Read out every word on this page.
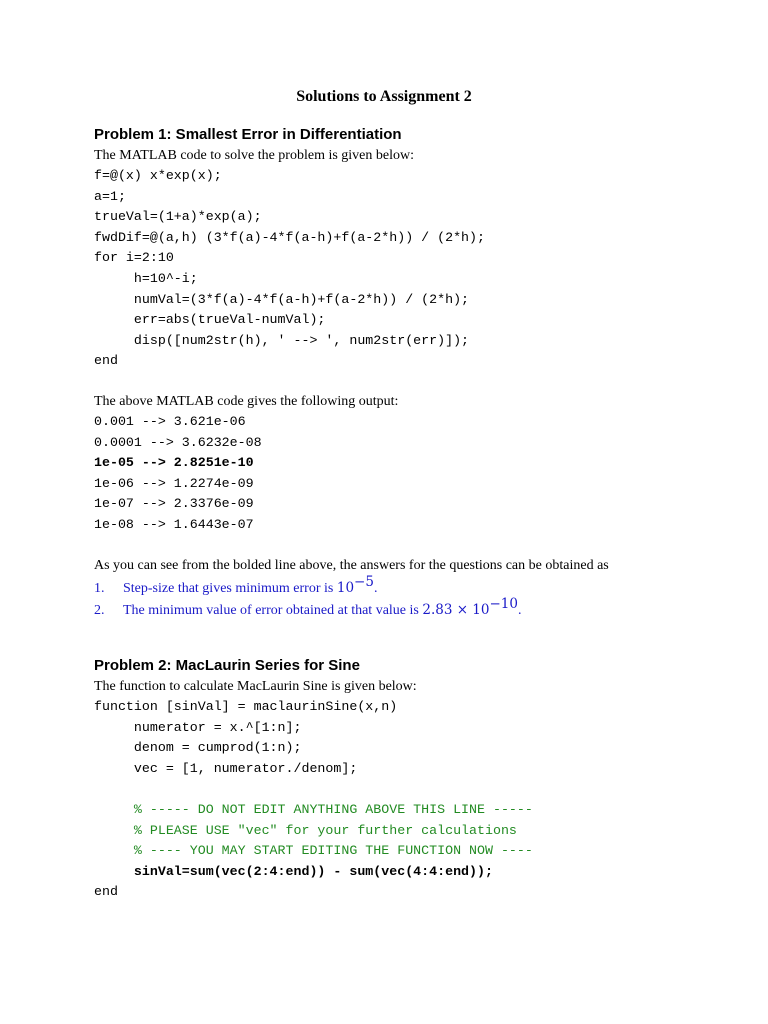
Solutions to Assignment 2
Problem 1: Smallest Error in Differentiation
The MATLAB code to solve the problem is given below:
f=@(x) x*exp(x);
a=1;
trueVal=(1+a)*exp(a);
fwdDif=@(a,h) (3*f(a)-4*f(a-h)+f(a-2*h)) / (2*h);
for i=2:10
h=10^-i;
numVal=(3*f(a)-4*f(a-h)+f(a-2*h)) / (2*h);
err=abs(trueVal-numVal);
disp([num2str(h), ' --> ', num2str(err)]);
end
The above MATLAB code gives the following output:
0.001 --> 3.621e-06
0.0001 --> 3.6232e-08
1e-05 --> 2.8251e-10
1e-06 --> 1.2274e-09
1e-07 --> 2.3376e-09
1e-08 --> 1.6443e-07
As you can see from the bolded line above, the answers for the questions can be obtained as
1. Step-size that gives minimum error is $10^{-5}$.
2. The minimum value of error obtained at that value is $2.83 \times 10^{-10}$.
Problem 2: MacLaurin Series for Sine
The function to calculate MacLaurin Sine is given below:
function [sinVal] = maclaurinSine(x,n)
numerator = x.^[1:n];
denom = cumprod(1:n);
vec = [1, numerator./denom];
% ----- DO NOT EDIT ANYTHING ABOVE THIS LINE -----
% PLEASE USE "vec" for your further calculations
% ---- YOU MAY START EDITING THE FUNCTION NOW ----
sinVal=sum(vec(2:4:end)) - sum(vec(4:4:end));
end
